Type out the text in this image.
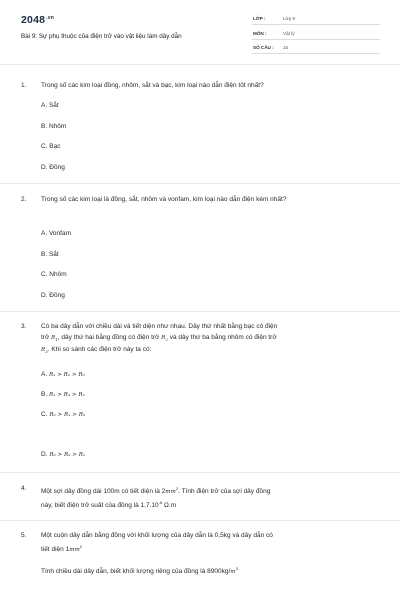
$2048^{.vn}$
Bài 9: Sự phụ thuộc của điện trở vào vật liệu làm dây dẫn
LỚP :	Lớp 9
MÔN :	Vật lý
SỐ CÂU : 15
1. Trong số các kim loại đồng, nhôm, sắt và bạc, kim loại nào dẫn điện tốt nhất?
A. Sắt
B. Nhôm
C. Bạc
D. Đồng
2. Trong số các kim loại là đồng, sắt, nhôm và vonfam, kim loại nào dẫn điện kém nhất?
A. Vonfam
B. Sắt
C. Nhôm
D. Đồng
3. Có ba dây dẫn với chiều dài và tiết diện như nhau. Dây thứ nhất bằng bạc có điện
trở $R_1$, dây thứ hai bằng đồng có điện trở $R_2$ và dây thứ ba bằng nhôm có điện trở
$R_3$. Khi so sánh các điện trở này ta có:
A. R₁ > R₂ > R₃
B. R₁ > R₃ > R₂
C. R₂ > R₁ > R₃
D. R₃ > R₂ > R₁
4. Một sợi dây đồng dài 100m có tiết diện là $2mm^2$. Tính điện trở của sợi dây đồng
này, biết điện trở suất của đồng là $1,7.10^{-8}$ Ω.m
5. Một cuộn dây dẫn bằng đồng với khối lượng của dây dẫn là 0,5kg và dây dẫn có
tiết diện $1mm^2$
Tính chiều dài dây dẫn, biết khối lượng riêng của đồng là $8900kg/m^3$
